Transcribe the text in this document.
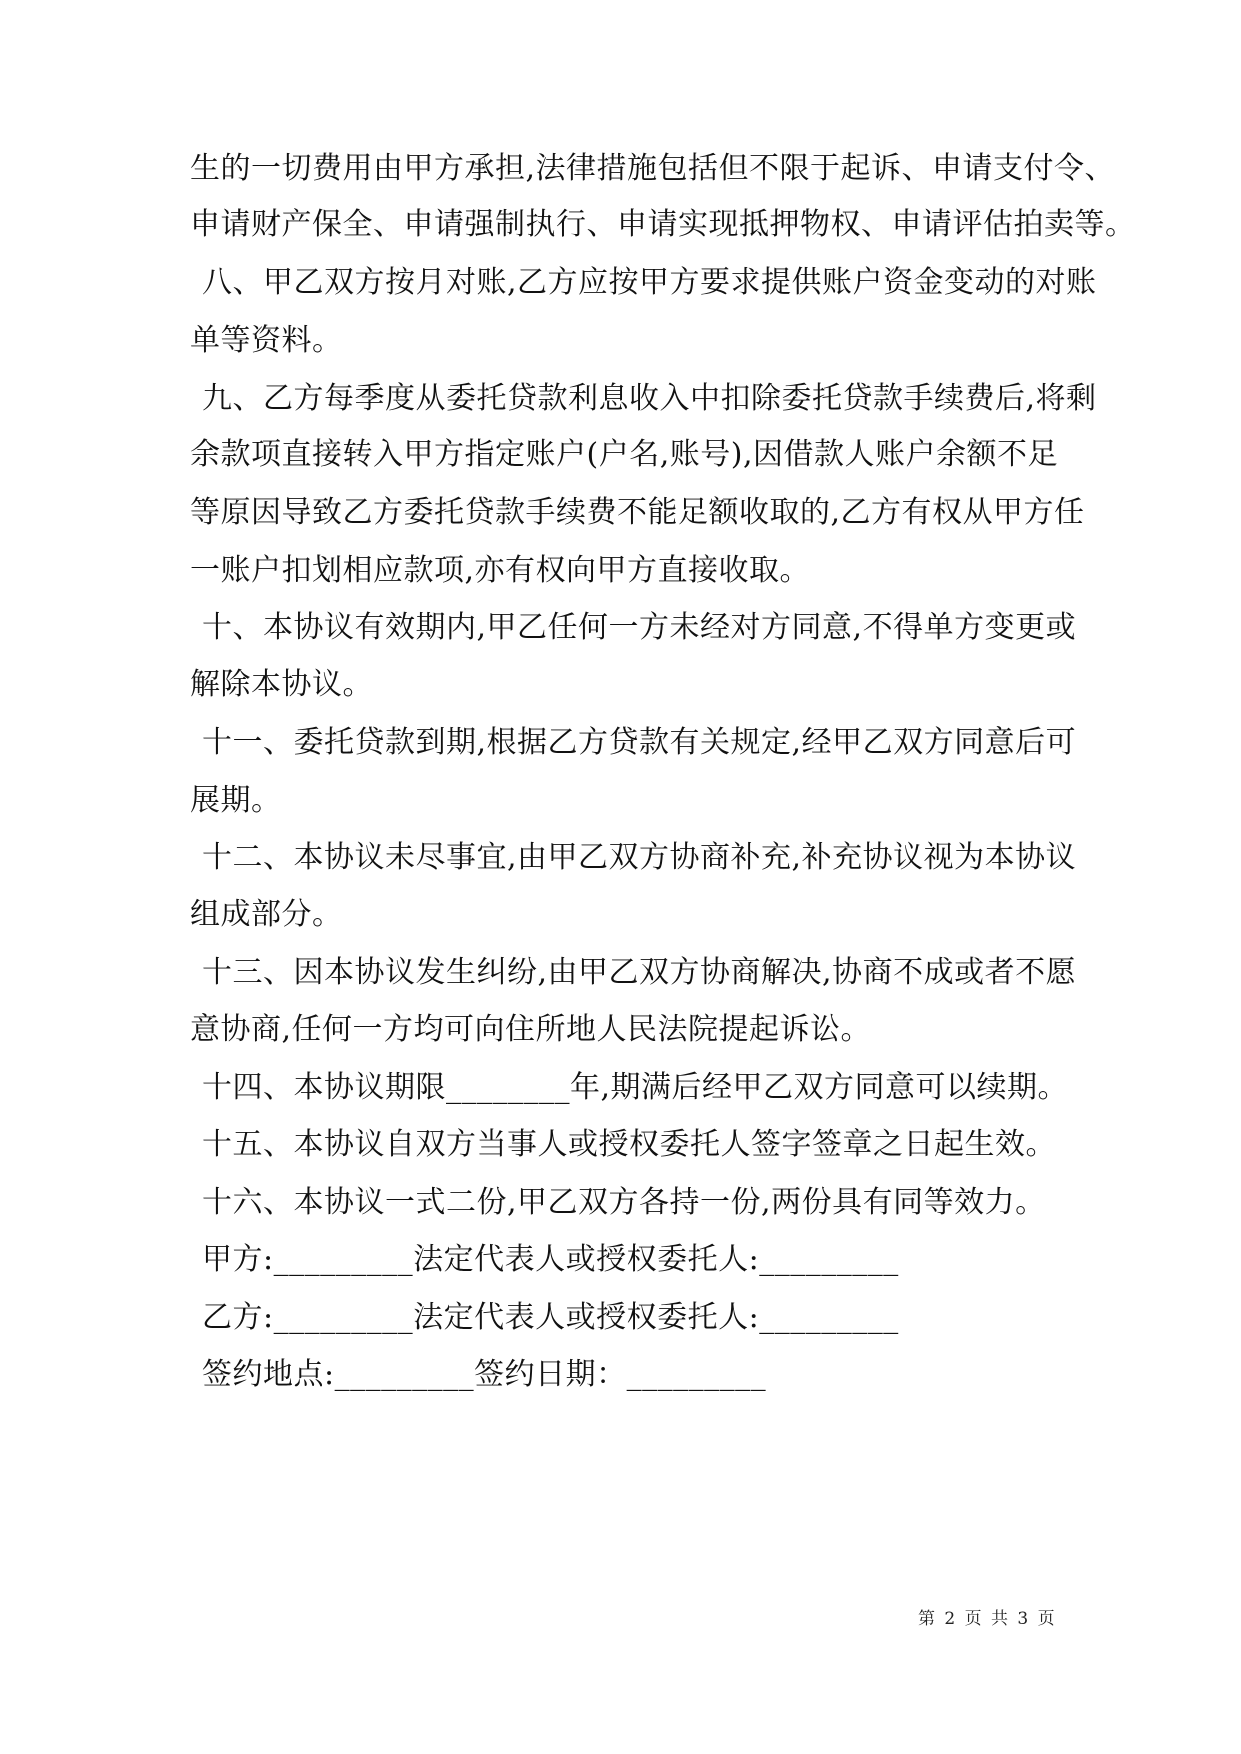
生的一切费用由甲方承担,法律措施包括但不限于起诉、申请支付令、
申请财产保全、申请强制执行、申请实现抵押物权、申请评估拍卖等。
八、甲乙双方按月对账,乙方应按甲方要求提供账户资金变动的对账
单等资料。
九、乙方每季度从委托贷款利息收入中扣除委托贷款手续费后,将剩
余款项直接转入甲方指定账户(户名,账号),因借款人账户余额不足
等原因导致乙方委托贷款手续费不能足额收取的,乙方有权从甲方任
一账户扣划相应款项,亦有权向甲方直接收取。
十、本协议有效期内,甲乙任何一方未经对方同意,不得单方变更或
解除本协议。
十一、委托贷款到期,根据乙方贷款有关规定,经甲乙双方同意后可
展期。
十二、本协议未尽事宜,由甲乙双方协商补充,补充协议视为本协议
组成部分。
十三、因本协议发生纠纷,由甲乙双方协商解决,协商不成或者不愿
意协商,任何一方均可向住所地人民法院提起诉讼。
十四、本协议期限________年,期满后经甲乙双方同意可以续期。
十五、本协议自双方当事人或授权委托人签字签章之日起生效。
十六、本协议一式二份,甲乙双方各持一份,两份具有同等效力。
甲方:_________法定代表人或授权委托人:_________
乙方:_________法定代表人或授权委托人:_________
签约地点:_________签约日期：_________
第 2 页 共 3 页
